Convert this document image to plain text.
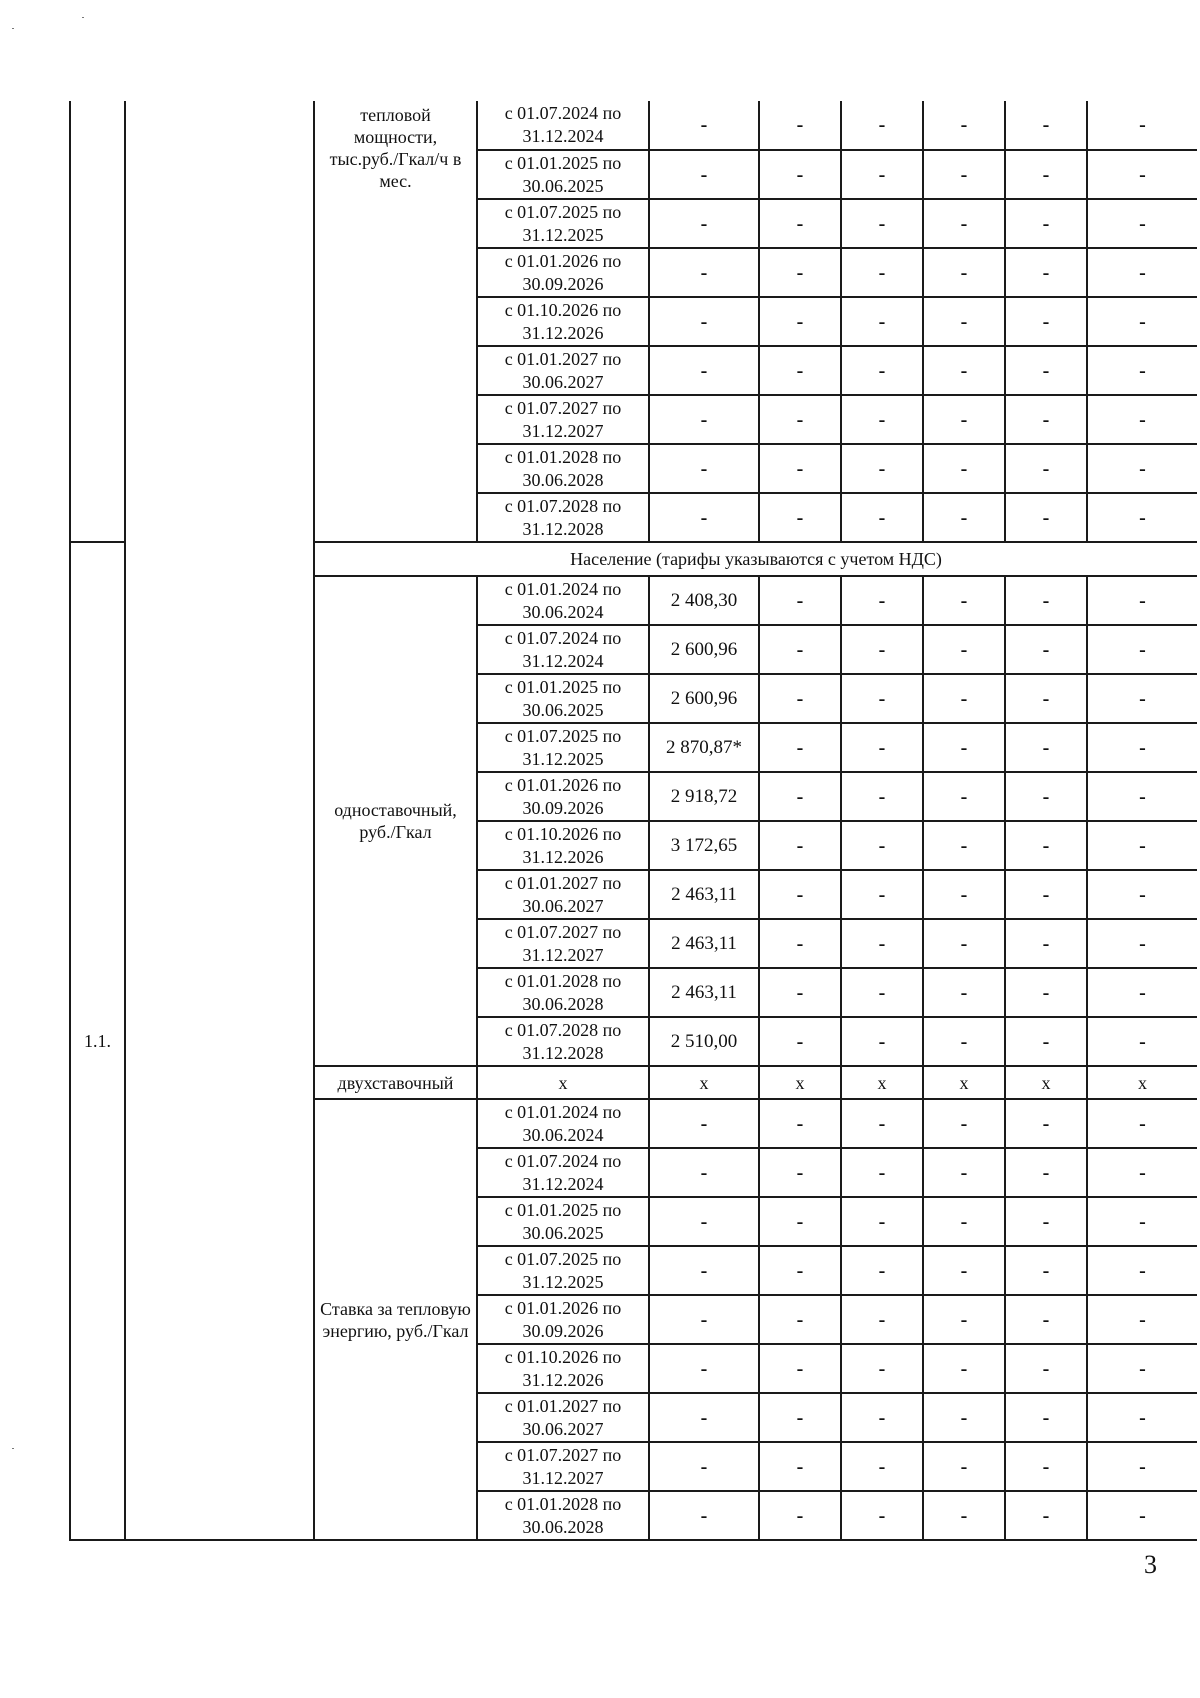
		тепловой мощности, тыс.руб./Гкал/ч в мес.	с 01.07.2024 по 31.12.2024	-	-	-	-	-	-
			с 01.01.2025 по 30.06.2025	-	-	-	-	-	-
			с 01.07.2025 по 31.12.2025	-	-	-	-	-	-
			с 01.01.2026 по 30.09.2026	-	-	-	-	-	-
			с 01.10.2026 по 31.12.2026	-	-	-	-	-	-
			с 01.01.2027 по 30.06.2027	-	-	-	-	-	-
			с 01.07.2027 по 31.12.2027	-	-	-	-	-	-
			с 01.01.2028 по 30.06.2028	-	-	-	-	-	-
			с 01.07.2028 по 31.12.2028	-	-	-	-	-	-
1.1.		Население (тарифы указываются с учетом НДС)							
		одноставочный, руб./Гкал	с 01.01.2024 по 30.06.2024	2 408,30	-	-	-	-	-
			с 01.07.2024 по 31.12.2024	2 600,96	-	-	-	-	-
			с 01.01.2025 по 30.06.2025	2 600,96	-	-	-	-	-
			с 01.07.2025 по 31.12.2025	2 870,87*	-	-	-	-	-
			с 01.01.2026 по 30.09.2026	2 918,72	-	-	-	-	-
			с 01.10.2026 по 31.12.2026	3 172,65	-	-	-	-	-
			с 01.01.2027 по 30.06.2027	2 463,11	-	-	-	-	-
			с 01.07.2027 по 31.12.2027	2 463,11	-	-	-	-	-
			с 01.01.2028 по 30.06.2028	2 463,11	-	-	-	-	-
			с 01.07.2028 по 31.12.2028	2 510,00	-	-	-	-	-
		двухставочный	x	x	x	x	x	x	x
		Ставка за тепловую энергию, руб./Гкал	с 01.01.2024 по 30.06.2024	-	-	-	-	-	-
			с 01.07.2024 по 31.12.2024	-	-	-	-	-	-
			с 01.01.2025 по 30.06.2025	-	-	-	-	-	-
			с 01.07.2025 по 31.12.2025	-	-	-	-	-	-
			с 01.01.2026 по 30.09.2026	-	-	-	-	-	-
			с 01.10.2026 по 31.12.2026	-	-	-	-	-	-
			с 01.01.2027 по 30.06.2027	-	-	-	-	-	-
			с 01.07.2027 по 31.12.2027	-	-	-	-	-	-
			с 01.01.2028 по 30.06.2028	-	-	-	-	-	-
3
